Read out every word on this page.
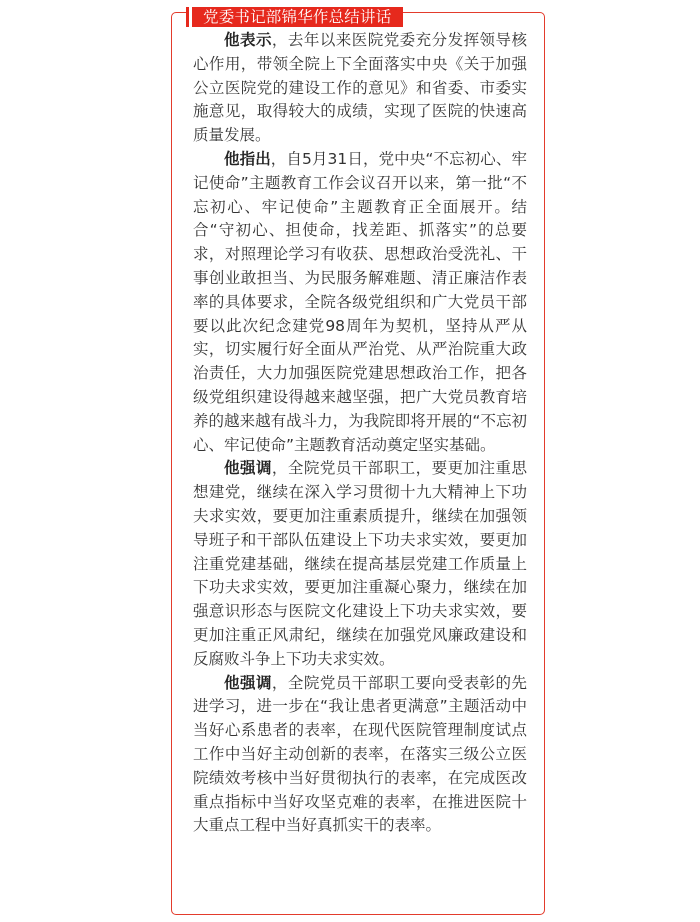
党委书记部锦华作总结讲话

他表示，去年以来医院党委充分发挥领导核心作用，带领全院上下全面落实中央《关于加强公立医院党的建设工作的意见》和省委、市委实施意见，取得较大的成绩，实现了医院的快速高质量发展。

他指出，自5月31日，党中央“不忘初心、牢记使命”主题教育工作会议召开以来，第一批“不忘初心、牢记使命”主题教育正全面展开。结合“守初心、担使命，找差距、抓落实”的总要求，对照理论学习有收获、思想政治受洗礼、干事创业敢担当、为民服务解难题、清正廉洁作表率的具体要求，全院各级党组织和广大党员干部要以此次纪念建党98周年为契机，坚持从严从实，切实履行好全面从严治党、从严治院重大政治责任，大力加强医院党建思想政治工作，把各级党组织建设得越来越坚强，把广大党员教育培养的越来越有战斗力，为我院即将开展的“不忘初心、牢记使命”主题教育活动奠定坚实基础。

他强调，全院党员干部职工，要更加注重思想建党，继续在深入学习贯彻十九大精神上下功夫求实效，要更加注重素质提升，继续在加强领导班子和干部队伍建设上下功夫求实效，要更加注重党建基础，继续在提高基层党建工作质量上下功夫求实效，要更加注重凝心聚力，继续在加强意识形态与医院文化建设上下功夫求实效，要更加注重正风肃纪，继续在加强党风廉政建设和反腐败斗争上下功夫求实效。

他强调，全院党员干部职工要向受表彰的先进学习，进一步在“我让患者更满意”主题活动中当好心系患者的表率，在现代医院管理制度试点工作中当好主动创新的表率，在落实三级公立医院绩效考核中当好贯彻执行的表率，在完成医改重点指标中当好攻坚克难的表率，在推进医院十大重点工程中当好真抓实干的表率。
